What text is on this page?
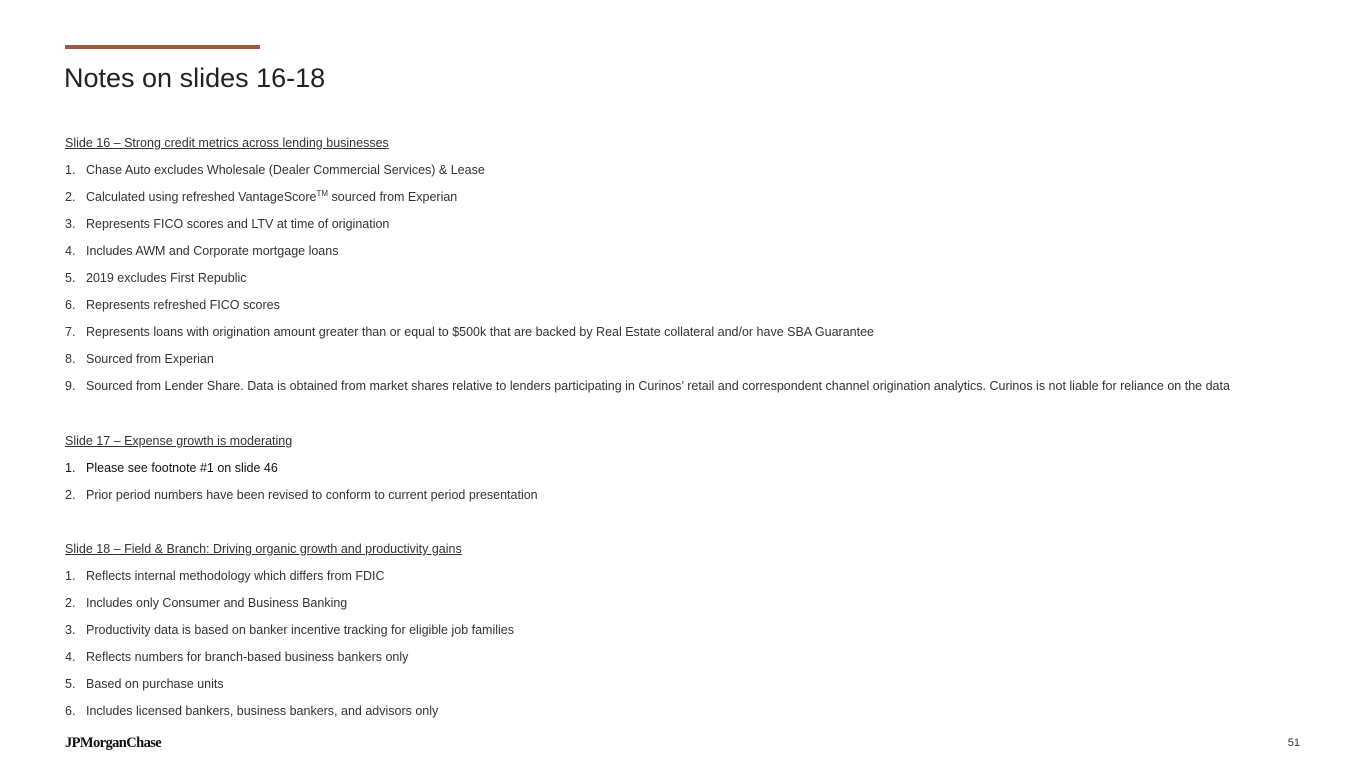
Notes on slides 16-18
Slide 16 – Strong credit metrics across lending businesses
1. Chase Auto excludes Wholesale (Dealer Commercial Services) & Lease
2. Calculated using refreshed VantageScore™ sourced from Experian
3. Represents FICO scores and LTV at time of origination
4. Includes AWM and Corporate mortgage loans
5. 2019 excludes First Republic
6. Represents refreshed FICO scores
7. Represents loans with origination amount greater than or equal to $500k that are backed by Real Estate collateral and/or have SBA Guarantee
8. Sourced from Experian
9. Sourced from Lender Share. Data is obtained from market shares relative to lenders participating in Curinos’ retail and correspondent channel origination analytics. Curinos is not liable for reliance on the data
Slide 17 – Expense growth is moderating
1. Please see footnote #1 on slide 46
2. Prior period numbers have been revised to conform to current period presentation
Slide 18 – Field & Branch: Driving organic growth and productivity gains
1. Reflects internal methodology which differs from FDIC
2. Includes only Consumer and Business Banking
3. Productivity data is based on banker incentive tracking for eligible job families
4. Reflects numbers for branch-based business bankers only
5. Based on purchase units
6. Includes licensed bankers, business bankers, and advisors only
JPMorganChase	51
